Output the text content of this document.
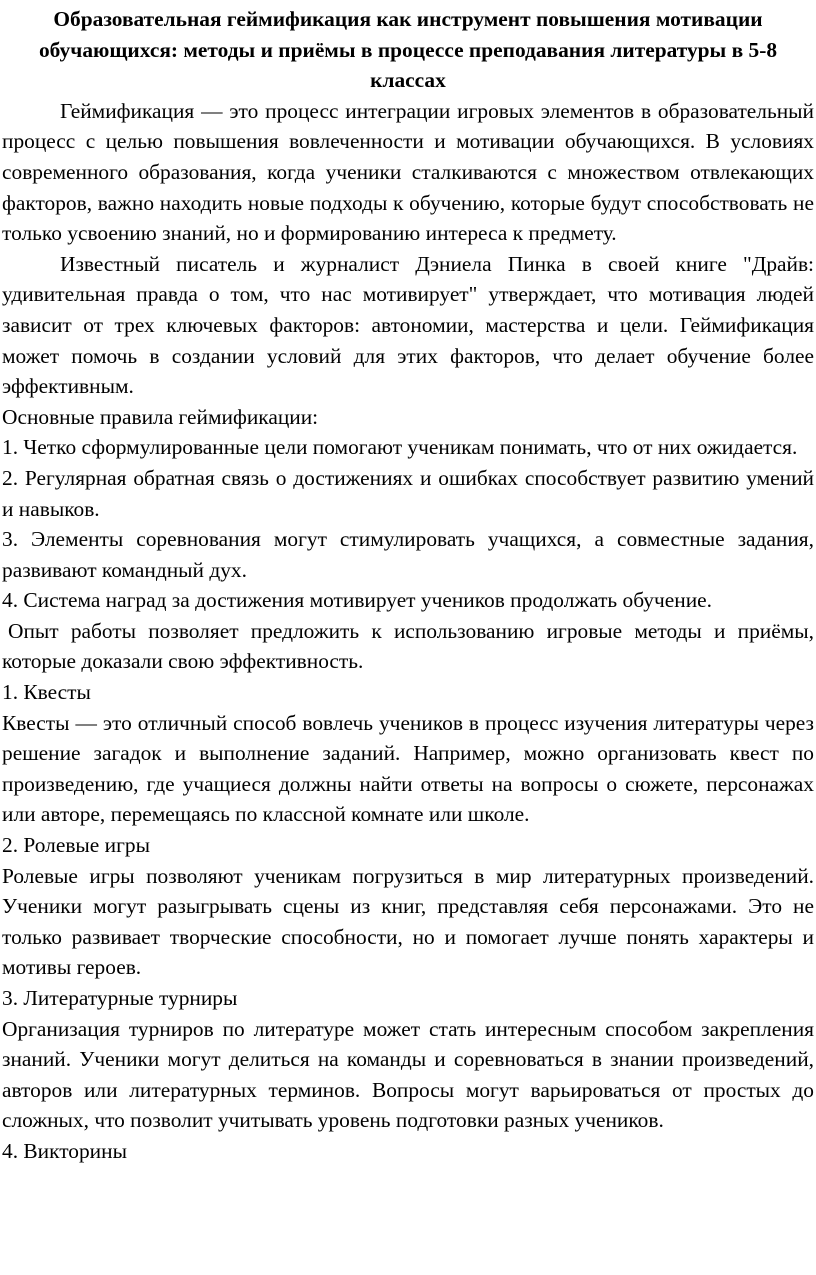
Образовательная геймификация как инструмент повышения мотивации обучающихся: методы и приёмы в процессе преподавания литературы в 5-8 классах

Геймификация — это процесс интеграции игровых элементов в образовательный процесс с целью повышения вовлеченности и мотивации обучающихся. В условиях современного образования, когда ученики сталкиваются с множеством отвлекающих факторов, важно находить новые подходы к обучению, которые будут способствовать не только усвоению знаний, но и формированию интереса к предмету.

Известный писатель и журналист Дэниела Пинка в своей книге "Драйв: удивительная правда о том, что нас мотивирует" утверждает, что мотивация людей зависит от трех ключевых факторов: автономии, мастерства и цели. Геймификация может помочь в создании условий для этих факторов, что делает обучение более эффективным.

Основные правила геймификации:

1. Четко сформулированные цели помогают ученикам понимать, что от них ожидается.

2. Регулярная обратная связь о достижениях и ошибках способствует развитию умений и навыков.

3. Элементы соревнования могут стимулировать учащихся, а совместные задания, развивают командный дух.

4. Система наград за достижения мотивирует учеников продолжать обучение.

Опыт работы позволяет предложить к использованию игровые методы и приёмы, которые доказали свою эффективность.

1. Квесты

Квесты — это отличный способ вовлечь учеников в процесс изучения литературы через решение загадок и выполнение заданий. Например, можно организовать квест по произведению, где учащиеся должны найти ответы на вопросы о сюжете, персонажах или авторе, перемещаясь по классной комнате или школе.

2. Ролевые игры

Ролевые игры позволяют ученикам погрузиться в мир литературных произведений. Ученики могут разыгрывать сцены из книг, представляя себя персонажами. Это не только развивает творческие способности, но и помогает лучше понять характеры и мотивы героев.

3. Литературные турниры

Организация турниров по литературе может стать интересным способом закрепления знаний. Ученики могут делиться на команды и соревноваться в знании произведений, авторов или литературных терминов. Вопросы могут варьироваться от простых до сложных, что позволит учитывать уровень подготовки разных учеников.

4. Викторины
